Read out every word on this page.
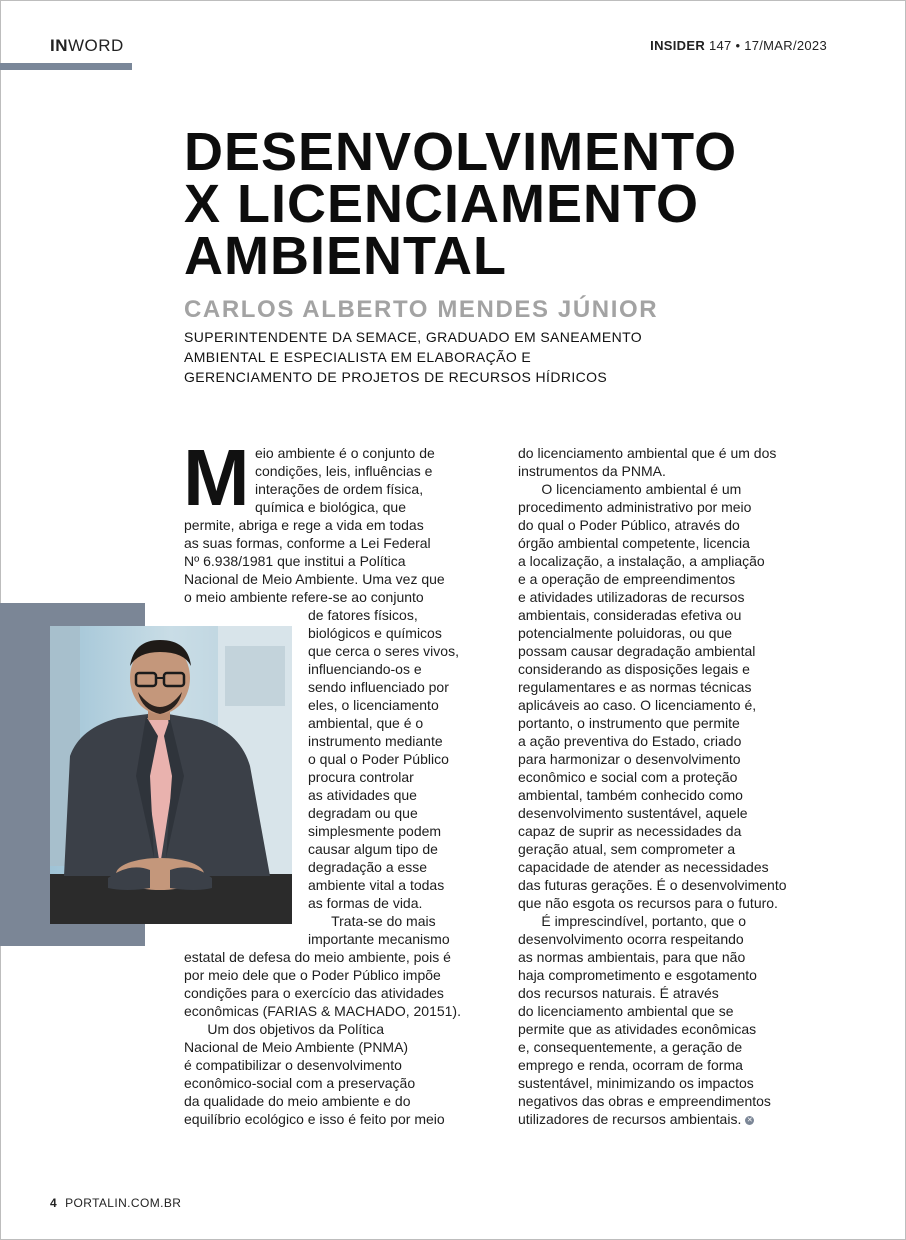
INWORD	INSIDER 147 • 17/MAR/2023
DESENVOLVIMENTO
X LICENCIAMENTO
AMBIENTAL
CARLOS ALBERTO MENDES JÚNIOR
SUPERINTENDENTE DA SEMACE, GRADUADO EM SANEAMENTO
AMBIENTAL E ESPECIALISTA EM ELABORAÇÃO E
GERENCIAMENTO DE PROJETOS DE RECURSOS HÍDRICOS
M eio ambiente é o conjunto de
condições, leis, influências e
interações de ordem física,
química e biológica, que
permite, abriga e rege a vida em todas
as suas formas, conforme a Lei Federal
Nº 6.938/1981 que institui a Política
Nacional de Meio Ambiente. Uma vez que
o meio ambiente refere-se ao conjunto
de fatores físicos,
biológicos e químicos
que cerca o seres vivos,
influenciando-os e
sendo influenciado por
eles, o licenciamento
ambiental, que é o
instrumento mediante
o qual o Poder Público
procura controlar
as atividades que
degradam ou que
simplesmente podem
causar algum tipo de
degradação a esse
ambiente vital a todas
as formas de vida.
Trata-se do mais
importante mecanismo
estatal de defesa do meio ambiente, pois é
por meio dele que o Poder Público impõe
condições para o exercício das atividades
econômicas (FARIAS & MACHADO, 20151).
Um dos objetivos da Política
Nacional de Meio Ambiente (PNMA)
é compatibilizar o desenvolvimento
econômico-social com a preservação
da qualidade do meio ambiente e do
equilíbrio ecológico e isso é feito por meio
do licenciamento ambiental que é um dos
instrumentos da PNMA.
O licenciamento ambiental é um
procedimento administrativo por meio
do qual o Poder Público, através do
órgão ambiental competente, licencia
a localização, a instalação, a ampliação
e a operação de empreendimentos
e atividades utilizadoras de recursos
ambientais, consideradas efetiva ou
potencialmente poluidoras, ou que
possam causar degradação ambiental
considerando as disposições legais e
regulamentares e as normas técnicas
aplicáveis ao caso. O licenciamento é,
portanto, o instrumento que permite
a ação preventiva do Estado, criado
para harmonizar o desenvolvimento
econômico e social com a proteção
ambiental, também conhecido como
desenvolvimento sustentável, aquele
capaz de suprir as necessidades da
geração atual, sem comprometer a
capacidade de atender as necessidades
das futuras gerações. É o desenvolvimento
que não esgota os recursos para o futuro.
É imprescindível, portanto, que o
desenvolvimento ocorra respeitando
as normas ambientais, para que não
haja comprometimento e esgotamento
dos recursos naturais. É através
do licenciamento ambiental que se
permite que as atividades econômicas
e, consequentemente, a geração de
emprego e renda, ocorram de forma
sustentável, minimizando os impactos
negativos das obras e empreendimentos
utilizadores de recursos ambientais. ✕
4 PORTALIN.COM.BR
